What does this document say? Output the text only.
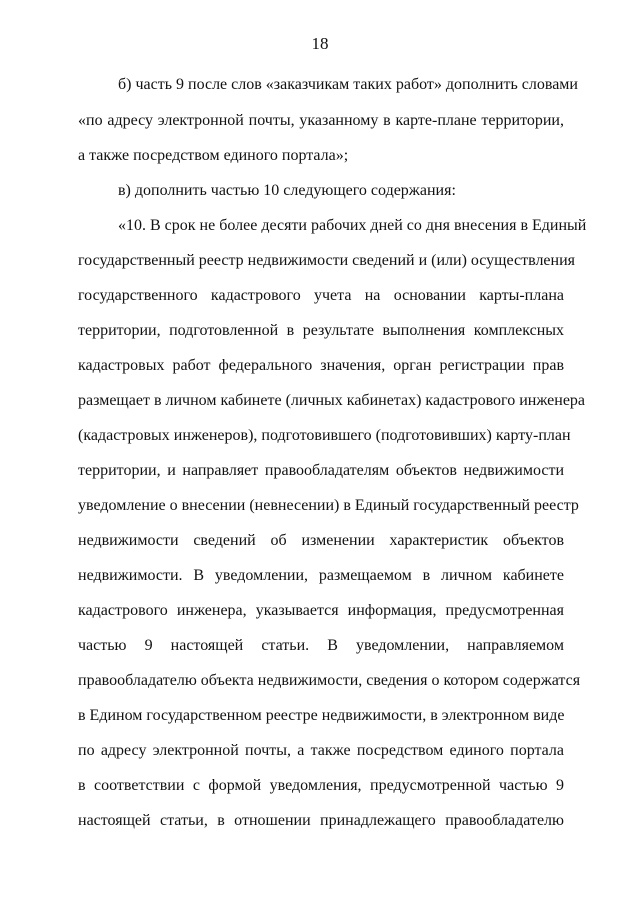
18
б) часть 9 после слов «заказчикам таких работ» дополнить словами
«по адресу электронной почты, указанному в карте-плане территории,
а также посредством единого портала»;
в) дополнить частью 10 следующего содержания:
«10. В срок не более десяти рабочих дней со дня внесения в Единый
государственный реестр недвижимости сведений и (или) осуществления
государственного кадастрового учета на основании карты-плана
территории, подготовленной в результате выполнения комплексных
кадастровых работ федерального значения, орган регистрации прав
размещает в личном кабинете (личных кабинетах) кадастрового инженера
(кадастровых инженеров), подготовившего (подготовивших) карту-план
территории, и направляет правообладателям объектов недвижимости
уведомление о внесении (невнесении) в Единый государственный реестр
недвижимости сведений об изменении характеристик объектов
недвижимости. В уведомлении, размещаемом в личном кабинете
кадастрового инженера, указывается информация, предусмотренная
частью 9 настоящей статьи. В уведомлении, направляемом
правообладателю объекта недвижимости, сведения о котором содержатся
в Едином государственном реестре недвижимости, в электронном виде
по адресу электронной почты, а также посредством единого портала
в соответствии с формой уведомления, предусмотренной частью 9
настоящей статьи, в отношении принадлежащего правообладателю
